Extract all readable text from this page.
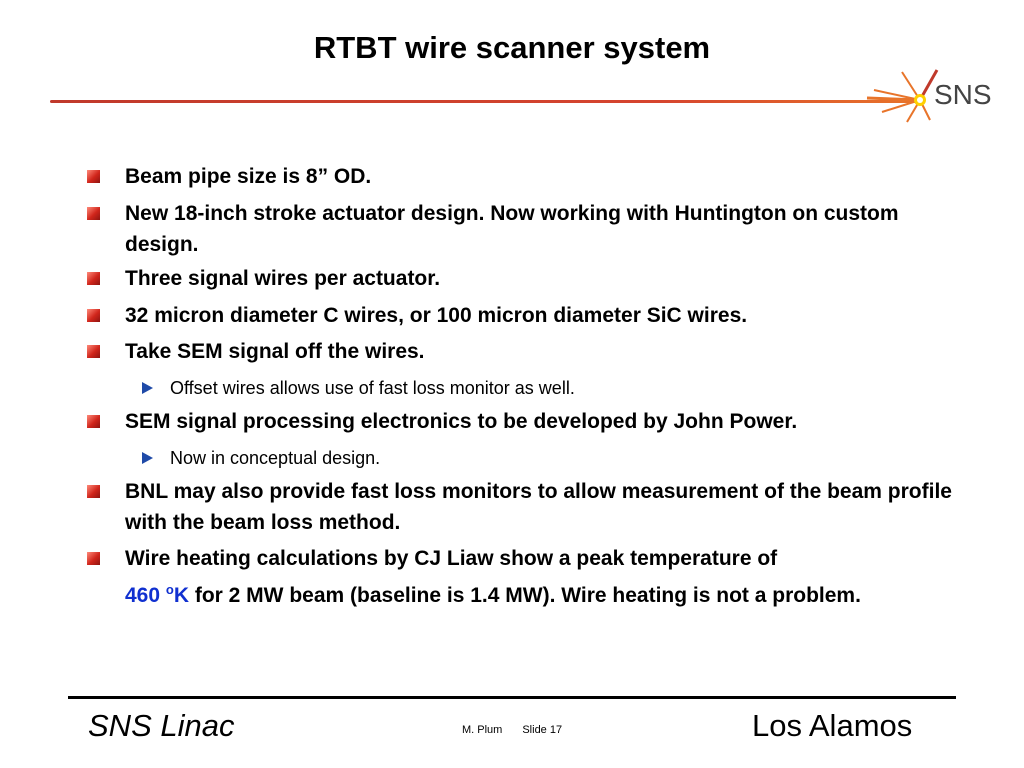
RTBT wire scanner system
SNS
Beam pipe size is 8” OD.
New 18-inch stroke actuator design. Now working with Huntington on custom design.
Three signal wires per actuator.
32 micron diameter C wires, or 100 micron diameter SiC wires.
Take SEM signal off the wires.
Offset wires allows use of fast loss monitor as well.
SEM signal processing electronics to be developed by John Power.
Now in conceptual design.
BNL may also provide fast loss monitors to allow measurement of the beam profile with the beam loss method.
Wire heating calculations by CJ Liaw show a peak temperature of
460 $^o$K for 2 MW beam (baseline is 1.4 MW). Wire heating is not a problem.
SNS Linac	M. Plum Slide 17	Los Alamos
